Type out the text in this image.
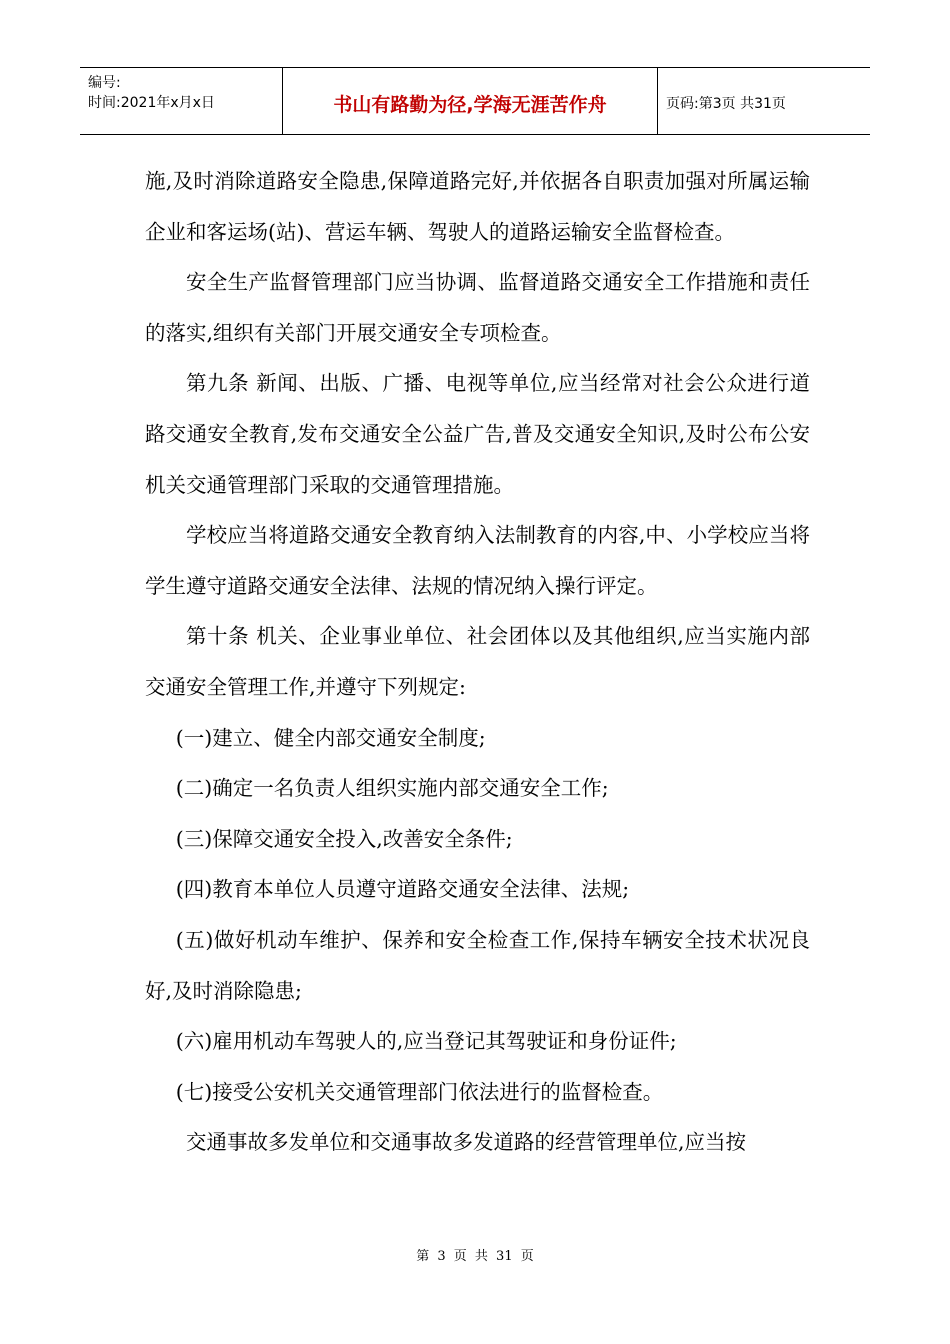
编号:
时间:2021年x月x日	书山有路勤为径,学海无涯苦作舟	页码:第3页 共31页

施,及时消除道路安全隐患,保障道路完好,并依据各自职责加强对所属运输企业和客运场(站)、营运车辆、驾驶人的道路运输安全监督检查。

安全生产监督管理部门应当协调、监督道路交通安全工作措施和责任的落实,组织有关部门开展交通安全专项检查。

第九条 新闻、出版、广播、电视等单位,应当经常对社会公众进行道路交通安全教育,发布交通安全公益广告,普及交通安全知识,及时公布公安机关交通管理部门采取的交通管理措施。

学校应当将道路交通安全教育纳入法制教育的内容,中、小学校应当将学生遵守道路交通安全法律、法规的情况纳入操行评定。

第十条 机关、企业事业单位、社会团体以及其他组织,应当实施内部交通安全管理工作,并遵守下列规定:

(一)建立、健全内部交通安全制度;

(二)确定一名负责人组织实施内部交通安全工作;

(三)保障交通安全投入,改善安全条件;

(四)教育本单位人员遵守道路交通安全法律、法规;

(五)做好机动车维护、保养和安全检查工作,保持车辆安全技术状况良好,及时消除隐患;

(六)雇用机动车驾驶人的,应当登记其驾驶证和身份证件;

(七)接受公安机关交通管理部门依法进行的监督检查。

交通事故多发单位和交通事故多发道路的经营管理单位,应当按

第 3 页 共 31 页
